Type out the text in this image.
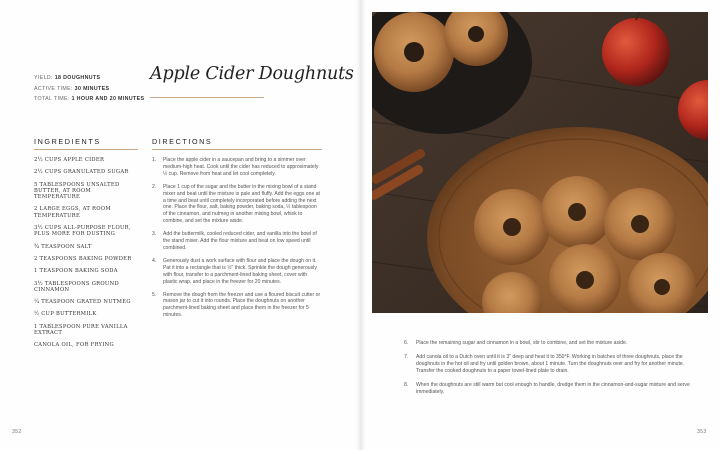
YIELD: 18 DOUGHNUTS
ACTIVE TIME: 30 MINUTES
TOTAL TIME: 1 HOUR AND 20 MINUTES
Apple Cider Doughnuts
INGREDIENTS
2½ CUPS APPLE CIDER
2½ CUPS GRANULATED SUGAR
5 TABLESPOONS UNSALTED BUTTER, AT ROOM TEMPERATURE
2 LARGE EGGS, AT ROOM TEMPERATURE
3½ CUPS ALL-PURPOSE FLOUR, PLUS MORE FOR DUSTING
¾ TEASPOON SALT
2 TEASPOONS BAKING POWDER
1 TEASPOON BAKING SODA
3½ TABLESPOONS GROUND CINNAMON
¼ TEASPOON GRATED NUTMEG
½ CUP BUTTERMILK
1 TABLESPOON PURE VANILLA EXTRACT
CANOLA OIL, FOR FRYING
DIRECTIONS
1. Place the apple cider in a saucepan and bring to a simmer over medium-high heat. Cook until the cider has reduced to approximately ½ cup. Remove from heat and let cool completely.
2. Place 1 cup of the sugar and the butter in the mixing bowl of a stand mixer and beat until the mixture is pale and fluffy. Add the eggs one at a time and beat until completely incorporated before adding the next one. Place the flour, salt, baking powder, baking soda, ½ tablespoon of the cinnamon, and nutmeg in another mixing bowl, whisk to combine, and set the mixture aside.
3. Add the buttermilk, cooled reduced cider, and vanilla into the bowl of the stand mixer. Add the flour mixture and beat on low speed until combined.
4. Generously dust a work surface with flour and place the dough on it. Pat it into a rectangle that is ½" thick. Sprinkle the dough generously with flour, transfer to a parchment-lined baking sheet, cover with plastic wrap, and place in the freezer for 20 minutes.
5. Remove the dough from the freezer and use a floured biscuit cutter or mason jar to cut it into rounds. Place the doughnuts on another parchment-lined baking sheet and place them in the freezer for 5 minutes.
6. Place the remaining sugar and cinnamon in a bowl, stir to combine, and set the mixture aside.
7. Add canola oil to a Dutch oven until it is 3" deep and heat it to 350°F. Working in batches of three doughnuts, place the doughnuts in the hot oil and fry until golden brown, about 1 minute. Turn the doughnuts over and fry for another minute. Transfer the cooked doughnuts to a paper towel-lined plate to drain.
8. When the doughnuts are still warm but cool enough to handle, dredge them in the cinnamon-and-sugar mixture and serve immediately.
352	353
